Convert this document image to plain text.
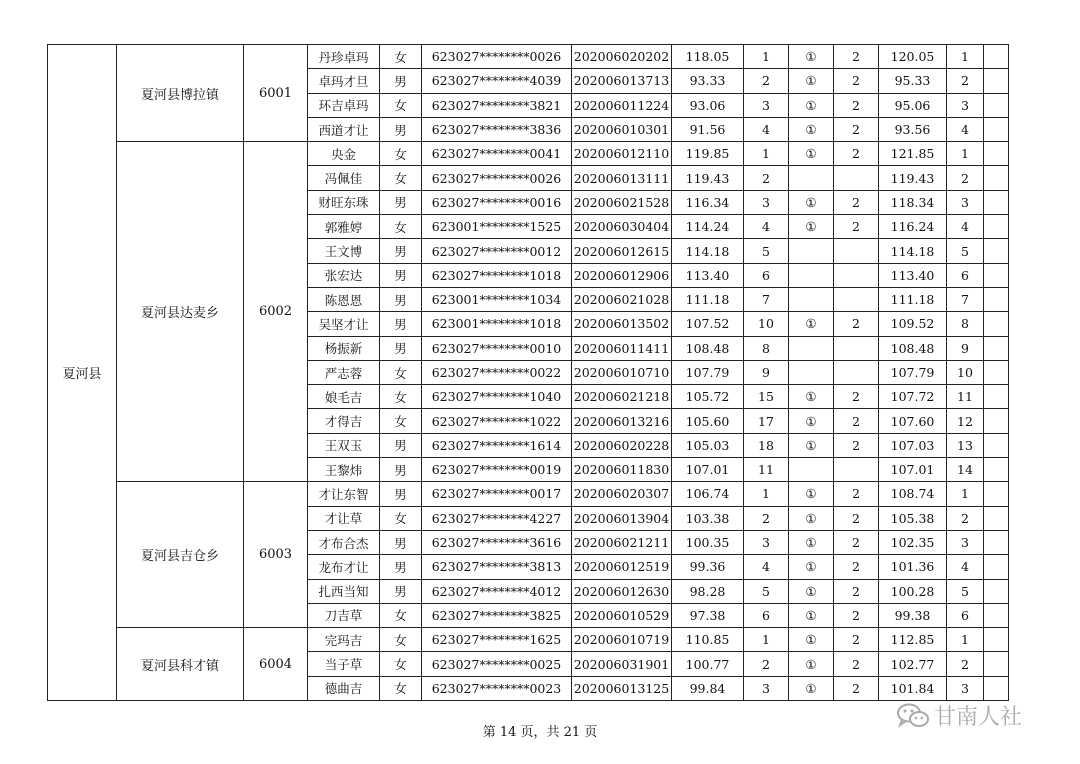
夏河县	夏河县博拉镇	6001	丹珍卓玛	女	623027********0026	202006020202	118.05	1	①	2	120.05	1	
			卓玛才旦	男	623027********4039	202006013713	93.33	2	①	2	95.33	2	
			环吉卓玛	女	623027********3821	202006011224	93.06	3	①	2	95.06	3	
			西道才让	男	623027********3836	202006010301	91.56	4	①	2	93.56	4	
	夏河县达麦乡	6002	央金	女	623027********0041	202006012110	119.85	1	①	2	121.85	1	
			冯佩佳	女	623027********0026	202006013111	119.43	2			119.43	2	
			财旺东珠	男	623027********0016	202006021528	116.34	3	①	2	118.34	3	
			郭雅婷	女	623001********1525	202006030404	114.24	4	①	2	116.24	4	
			王文博	男	623027********0012	202006012615	114.18	5			114.18	5	
			张宏达	男	623027********1018	202006012906	113.40	6			113.40	6	
			陈恩恩	男	623001********1034	202006021028	111.18	7			111.18	7	
			吴坚才让	男	623001********1018	202006013502	107.52	10	①	2	109.52	8	
			杨振新	男	623027********0010	202006011411	108.48	8			108.48	9	
			严志蓉	女	623027********0022	202006010710	107.79	9			107.79	10	
			娘毛吉	女	623027********1040	202006021218	105.72	15	①	2	107.72	11	
			才得吉	女	623027********1022	202006013216	105.60	17	①	2	107.60	12	
			王双玉	男	623027********1614	202006020228	105.03	18	①	2	107.03	13	
			王黎炜	男	623027********0019	202006011830	107.01	11			107.01	14	
	夏河县吉仓乡	6003	才让东智	男	623027********0017	202006020307	106.74	1	①	2	108.74	1	
			才让草	女	623027********4227	202006013904	103.38	2	①	2	105.38	2	
			才布合杰	男	623027********3616	202006021211	100.35	3	①	2	102.35	3	
			龙布才让	男	623027********3813	202006012519	99.36	4	①	2	101.36	4	
			扎西当知	男	623027********4012	202006012630	98.28	5	①	2	100.28	5	
			刀吉草	女	623027********3825	202006010529	97.38	6	①	2	99.38	6	
	夏河县科才镇	6004	完玛吉	女	623027********1625	202006010719	110.85	1	①	2	112.85	1	
			当子草	女	623027********0025	202006031901	100.77	2	①	2	102.77	2	
			德曲吉	女	623027********0023	202006013125	99.84	3	①	2	101.84	3	
第 14 页，共 21 页
甘南人社
